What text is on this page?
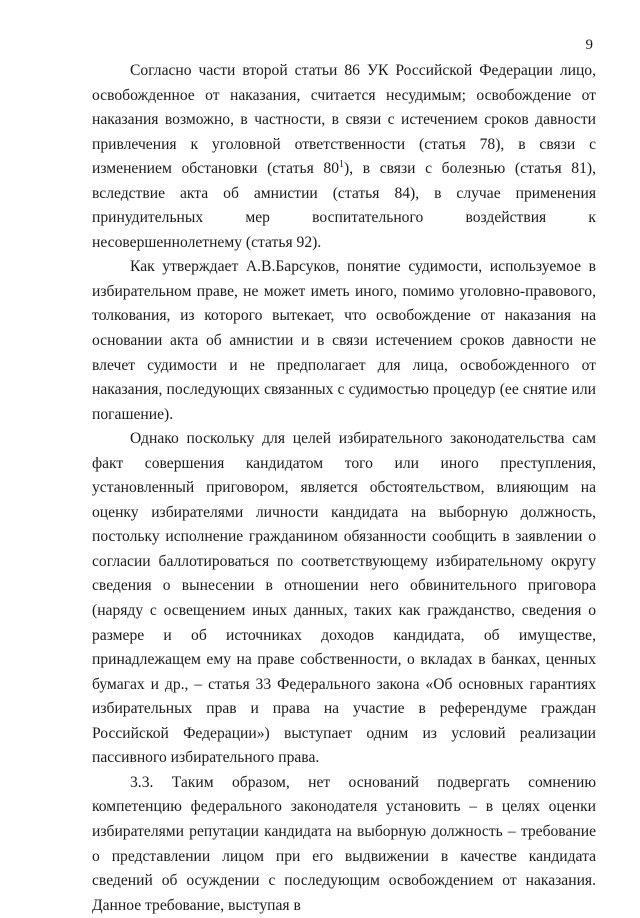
9

Согласно части второй статьи 86 УК Российской Федерации лицо, освобожденное от наказания, считается несудимым; освобождение от наказания возможно, в частности, в связи с истечением сроков давности привлечения к уголовной ответственности (статья 78), в связи с изменением обстановки (статья $80^1$), в связи с болезнью (статья 81), вследствие акта об амнистии (статья 84), в случае применения принудительных мер воспитательного воздействия к несовершеннолетнему (статья 92).

Как утверждает А.В.Барсуков, понятие судимости, используемое в избирательном праве, не может иметь иного, помимо уголовно-правового, толкования, из которого вытекает, что освобождение от наказания на основании акта об амнистии и в связи истечением сроков давности не влечет судимости и не предполагает для лица, освобожденного от наказания, последующих связанных с судимостью процедур (ее снятие или погашение).

Однако поскольку для целей избирательного законодательства сам факт совершения кандидатом того или иного преступления, установленный приговором, является обстоятельством, влияющим на оценку избирателями личности кандидата на выборную должность, постольку исполнение гражданином обязанности сообщить в заявлении о согласии баллотироваться по соответствующему избирательному округу сведения о вынесении в отношении него обвинительного приговора (наряду с освещением иных данных, таких как гражданство, сведения о размере и об источниках доходов кандидата, об имуществе, принадлежащем ему на праве собственности, о вкладах в банках, ценных бумагах и др., – статья 33 Федерального закона «Об основных гарантиях избирательных прав и права на участие в референдуме граждан Российской Федерации») выступает одним из условий реализации пассивного избирательного права.

3.3. Таким образом, нет оснований подвергать сомнению компетенцию федерального законодателя установить – в целях оценки избирателями репутации кандидата на выборную должность – требование о представлении лицом при его выдвижении в качестве кандидата сведений об осуждении с последующим освобождением от наказания. Данное требование, выступая в
